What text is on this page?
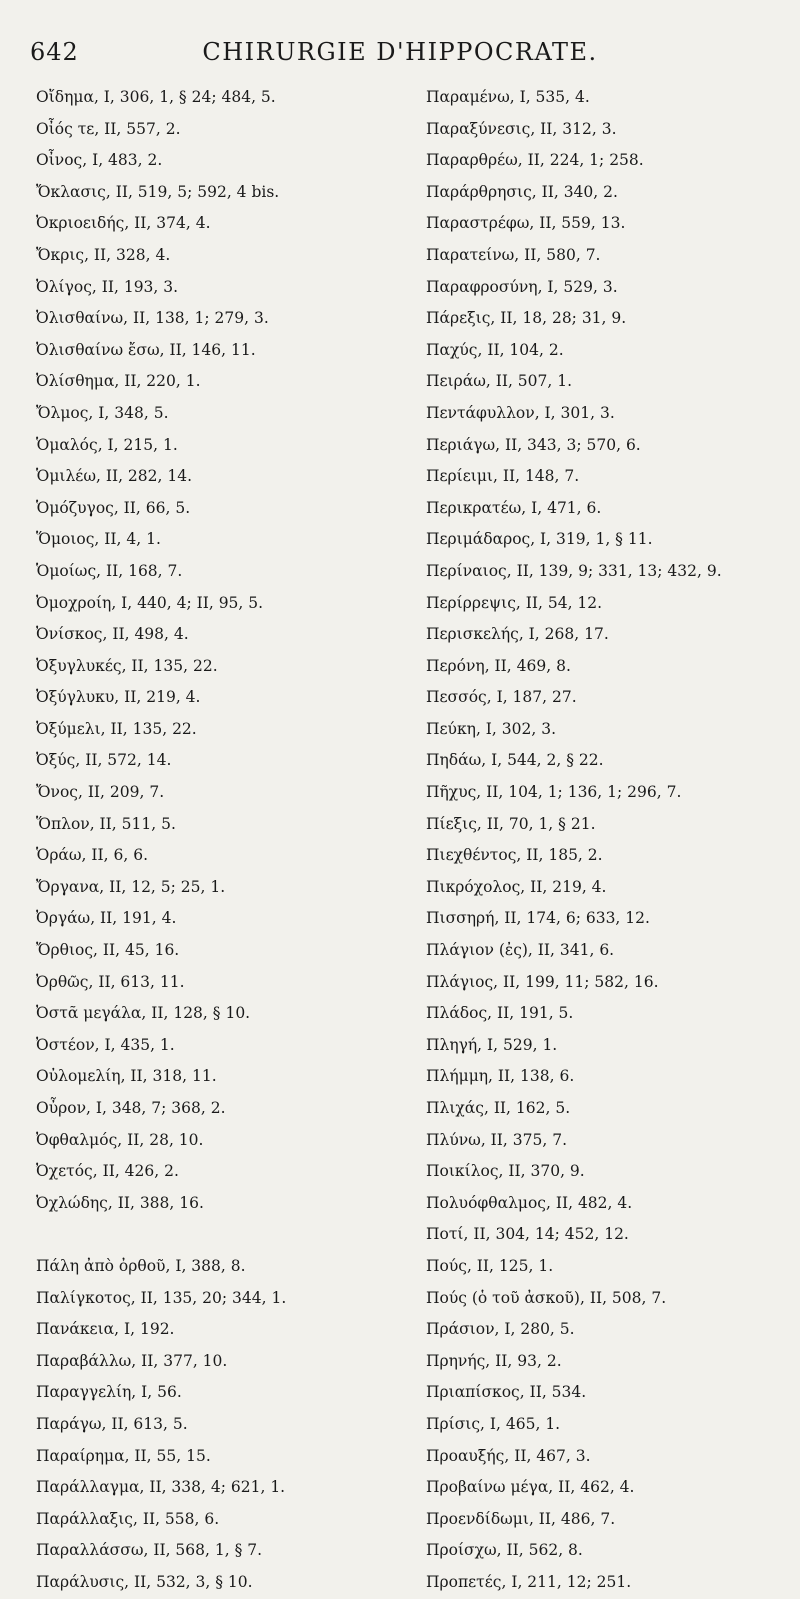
642	CHIRURGIE D'HIPPOCRATE.
Οἴδημα, I, 306, 1, § 24; 484, 5.
Οἶός τε, II, 557, 2.
Οἶνος, I, 483, 2.
Ὄκλασις, II, 519, 5; 592, 4 bis.
Ὀκριοειδής, II, 374, 4.
Ὄκρις, II, 328, 4.
Ὀλίγος, II, 193, 3.
Ὀλισθαίνω, II, 138, 1; 279, 3.
Ὀλισθαίνω ἔσω, II, 146, 11.
Ὀλίσθημα, II, 220, 1.
Ὄλμος, I, 348, 5.
Ὁμαλός, I, 215, 1.
Ὁμιλέω, II, 282, 14.
Ὁμόζυγος, II, 66, 5.
Ὅμοιος, II, 4, 1.
Ὁμοίως, II, 168, 7.
Ὀμοχροίη, I, 440, 4; II, 95, 5.
Ὀνίσκος, II, 498, 4.
Ὀξυγλυκές, II, 135, 22.
Ὀξύγλυκυ, II, 219, 4.
Ὀξύμελι, II, 135, 22.
Ὀξύς, II, 572, 14.
Ὄνος, II, 209, 7.
Ὅπλον, II, 511, 5.
Ὁράω, II, 6, 6.
Ὄργανα, II, 12, 5; 25, 1.
Ὀργάω, II, 191, 4.
Ὄρθιος, II, 45, 16.
Ὀρθῶς, II, 613, 11.
Ὀστᾶ μεγάλα, II, 128, § 10.
Ὀστέον, I, 435, 1.
Οὐλομελίη, II, 318, 11.
Οὖρον, I, 348, 7; 368, 2.
Ὀφθαλμός, II, 28, 10.
Ὀχετός, II, 426, 2.
Ὀχλώδης, II, 388, 16.
Πάλη ἀπὸ ὀρθοῦ, I, 388, 8.
Παλίγκοτος, II, 135, 20; 344, 1.
Πανάκεια, I, 192.
Παραβάλλω, II, 377, 10.
Παραγγελίη, I, 56.
Παράγω, II, 613, 5.
Παραίρημα, II, 55, 15.
Παράλλαγμα, II, 338, 4; 621, 1.
Παράλλαξις, II, 558, 6.
Παραλλάσσω, II, 568, 1, § 7.
Παράλυσις, II, 532, 3, § 10.
Παραμένω, I, 535, 4.
Παραξύνεσις, II, 312, 3.
Παραρθρέω, II, 224, 1; 258.
Παράρθρησις, II, 340, 2.
Παραστρέφω, II, 559, 13.
Παρατείνω, II, 580, 7.
Παραφροσύνη, I, 529, 3.
Πάρεξις, II, 18, 28; 31, 9.
Παχύς, II, 104, 2.
Πειράω, II, 507, 1.
Πεντάφυλλον, I, 301, 3.
Περιάγω, II, 343, 3; 570, 6.
Περίειμι, II, 148, 7.
Περικρατέω, I, 471, 6.
Περιμάδαρος, I, 319, 1, § 11.
Περίναιος, II, 139, 9; 331, 13; 432, 9.
Περίρρεψις, II, 54, 12.
Περισκελής, I, 268, 17.
Περόνη, II, 469, 8.
Πεσσός, I, 187, 27.
Πεύκη, I, 302, 3.
Πηδάω, I, 544, 2, § 22.
Πῆχυς, II, 104, 1; 136, 1; 296, 7.
Πίεξις, II, 70, 1, § 21.
Πιεχθέντος, II, 185, 2.
Πικρόχολος, II, 219, 4.
Πισσηρή, II, 174, 6; 633, 12.
Πλάγιον (ἐς), II, 341, 6.
Πλάγιος, II, 199, 11; 582, 16.
Πλάδος, II, 191, 5.
Πληγή, I, 529, 1.
Πλήμμη, II, 138, 6.
Πλιχάς, II, 162, 5.
Πλύνω, II, 375, 7.
Ποικίλος, II, 370, 9.
Πολυόφθαλμος, II, 482, 4.
Ποτί, II, 304, 14; 452, 12.
Πούς, II, 125, 1.
Πούς (ὁ τοῦ ἀσκοῦ), II, 508, 7.
Πράσιον, I, 280, 5.
Πρηνής, II, 93, 2.
Πριαπίσκος, II, 534.
Πρίσις, I, 465, 1.
Προαυξής, II, 467, 3.
Προβαίνω μέγα, II, 462, 4.
Προενδίδωμι, II, 486, 7.
Προίσχω, II, 562, 8.
Προπετές, I, 211, 12; 251.
